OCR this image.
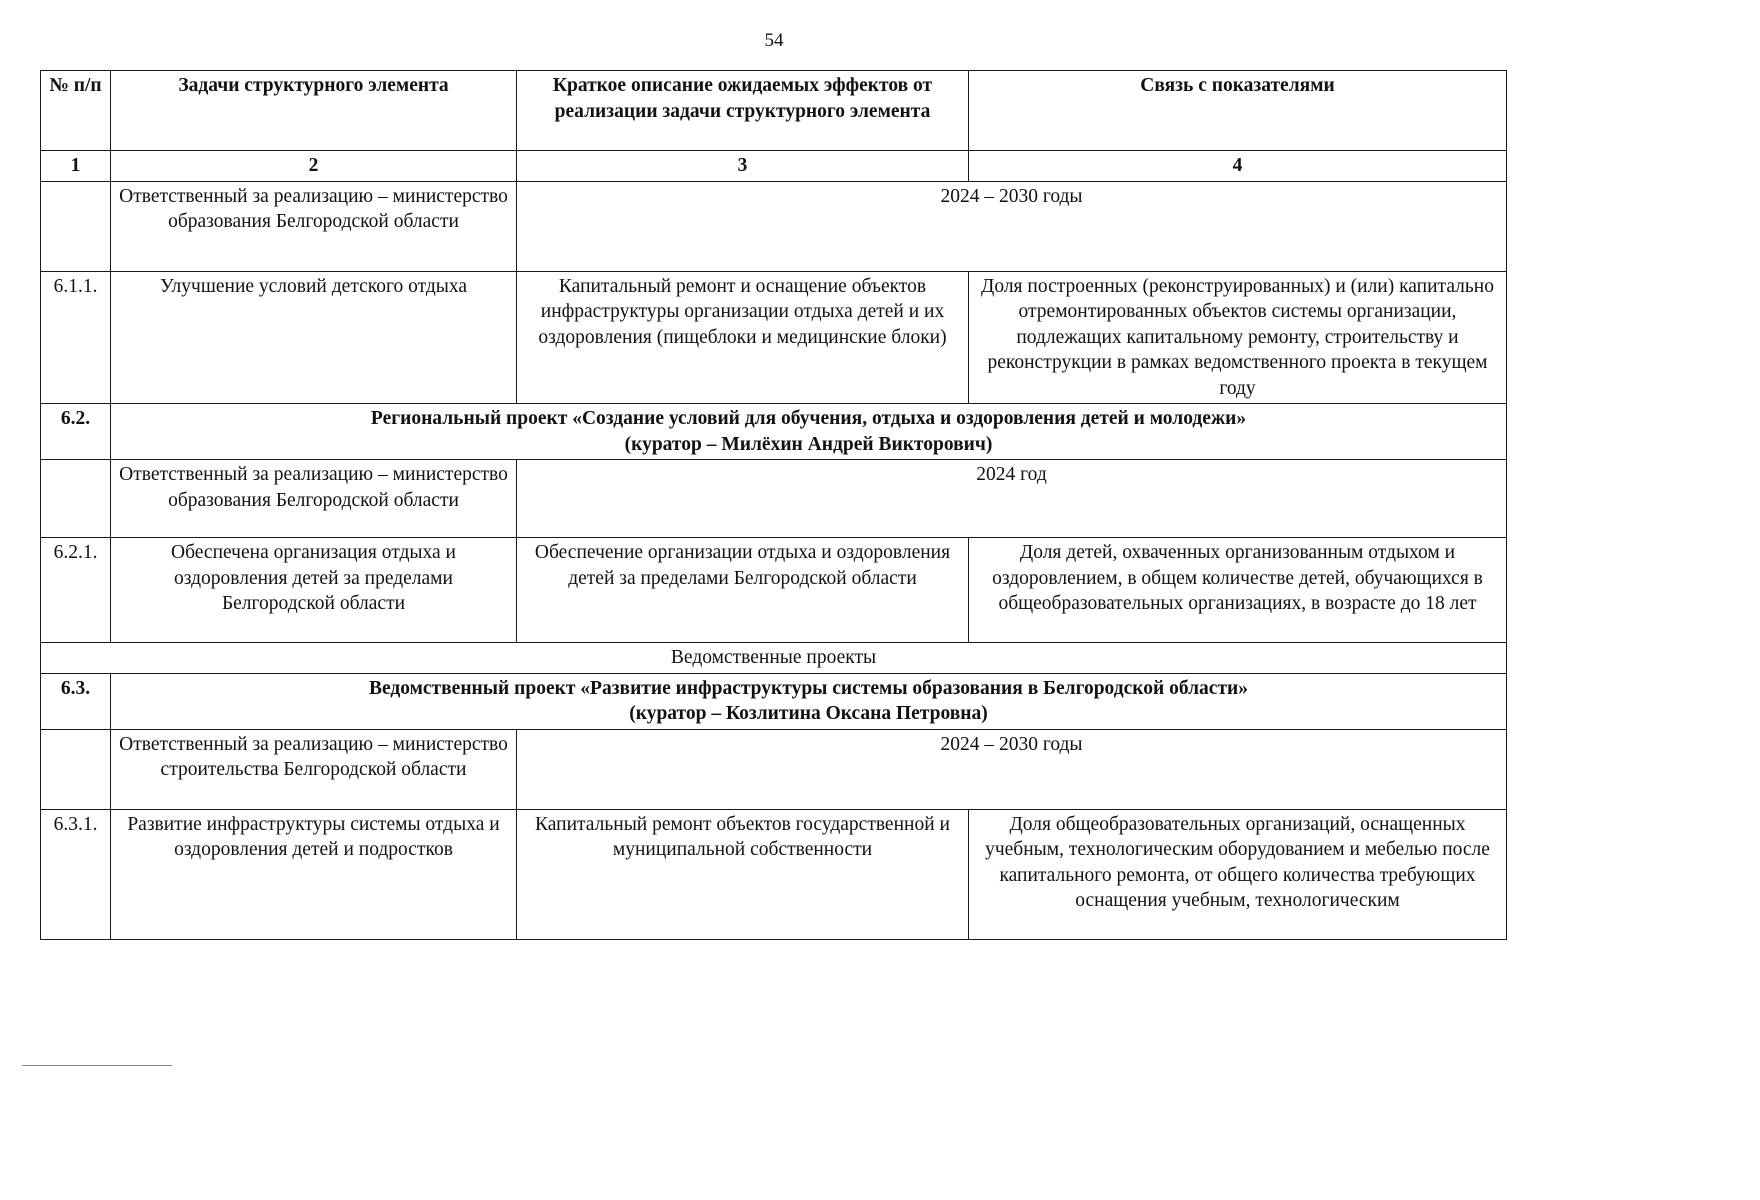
54
№ п/п	Задачи структурного элемента	Краткое описание ожидаемых эффектов от реализации задачи структурного элемента	Связь с показателями
1	2	3	4
	Ответственный за реализацию – министерство образования Белгородской области	2024 – 2030 годы	
6.1.1.	Улучшение условий детского отдыха	Капитальный ремонт и оснащение объектов инфраструктуры организации отдыха детей и их оздоровления (пищеблоки и медицинские блоки)	Доля построенных (реконструированных) и (или) капитально отремонтированных объектов системы организации, подлежащих капитальному ремонту, строительству и реконструкции в рамках ведомственного проекта в текущем году
6.2.	Региональный проект «Создание условий для обучения, отдыха и оздоровления детей и молодежи»
(куратор – Милёхин Андрей Викторович)		

	Ответственный за реализацию – министерство образования Белгородской области	2024 год	
6.2.1.	Обеспечена организация отдыха и оздоровления детей за пределами Белгородской области	Обеспечение организации отдыха и оздоровления детей за пределами Белгородской области	Доля детей, охваченных организованным отдыхом и оздоровлением, в общем количестве детей, обучающихся в общеобразовательных организациях, в возрасте до 18 лет
Ведомственные проекты			
6.3.	Ведомственный проект «Развитие инфраструктуры системы образования в Белгородской области»
(куратор – Козлитина Оксана Петровна)		

	Ответственный за реализацию – министерство строительства Белгородской области	2024 – 2030 годы	
6.3.1.	Развитие инфраструктуры системы отдыха и оздоровления детей и подростков	Капитальный ремонт объектов государственной и муниципальной собственности	Доля общеобразовательных организаций, оснащенных учебным, технологическим оборудованием и мебелью после капитального ремонта, от общего количества требующих оснащения учебным, технологическим
